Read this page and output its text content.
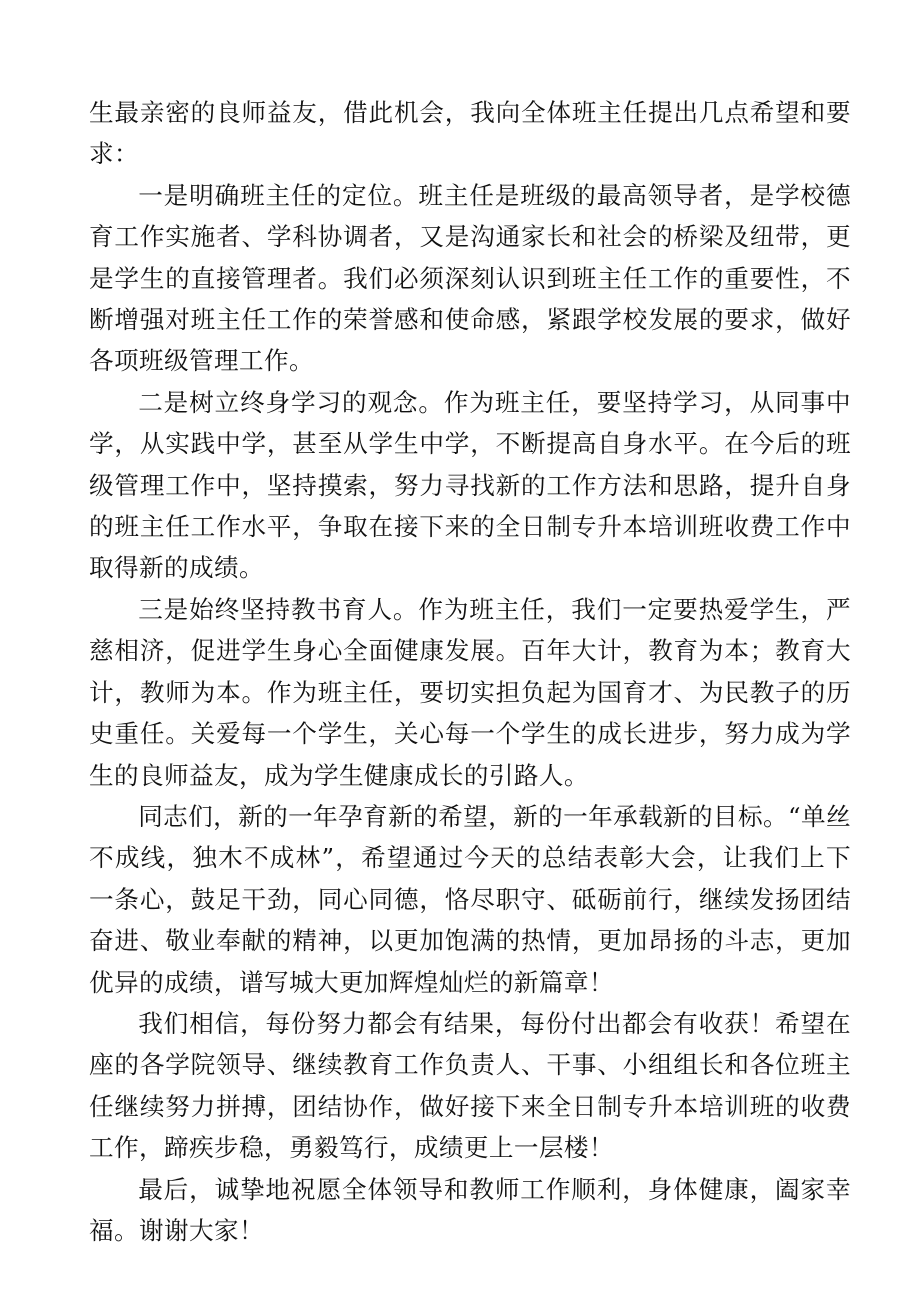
生最亲密的良师益友，借此机会，我向全体班主任提出几点希望和要求：

一是明确班主任的定位。班主任是班级的最高领导者，是学校德育工作实施者、学科协调者，又是沟通家长和社会的桥梁及纽带，更是学生的直接管理者。我们必须深刻认识到班主任工作的重要性，不断增强对班主任工作的荣誉感和使命感，紧跟学校发展的要求，做好各项班级管理工作。

二是树立终身学习的观念。作为班主任，要坚持学习，从同事中学，从实践中学，甚至从学生中学，不断提高自身水平。在今后的班级管理工作中，坚持摸索，努力寻找新的工作方法和思路，提升自身的班主任工作水平，争取在接下来的全日制专升本培训班收费工作中取得新的成绩。

三是始终坚持教书育人。作为班主任，我们一定要热爱学生，严慈相济，促进学生身心全面健康发展。百年大计，教育为本；教育大计，教师为本。作为班主任，要切实担负起为国育才、为民教子的历史重任。关爱每一个学生，关心每一个学生的成长进步，努力成为学生的良师益友，成为学生健康成长的引路人。

同志们，新的一年孕育新的希望，新的一年承载新的目标。“单丝不成线，独木不成林”，希望通过今天的总结表彰大会，让我们上下一条心，鼓足干劲，同心同德，恪尽职守、砥砺前行，继续发扬团结奋进、敬业奉献的精神，以更加饱满的热情，更加昂扬的斗志，更加优异的成绩，谱写城大更加辉煌灿烂的新篇章！

我们相信，每份努力都会有结果，每份付出都会有收获！希望在座的各学院领导、继续教育工作负责人、干事、小组组长和各位班主任继续努力拼搏，团结协作，做好接下来全日制专升本培训班的收费工作，蹄疾步稳，勇毅笃行，成绩更上一层楼！

最后，诚挚地祝愿全体领导和教师工作顺利，身体健康，阖家幸福。谢谢大家！
